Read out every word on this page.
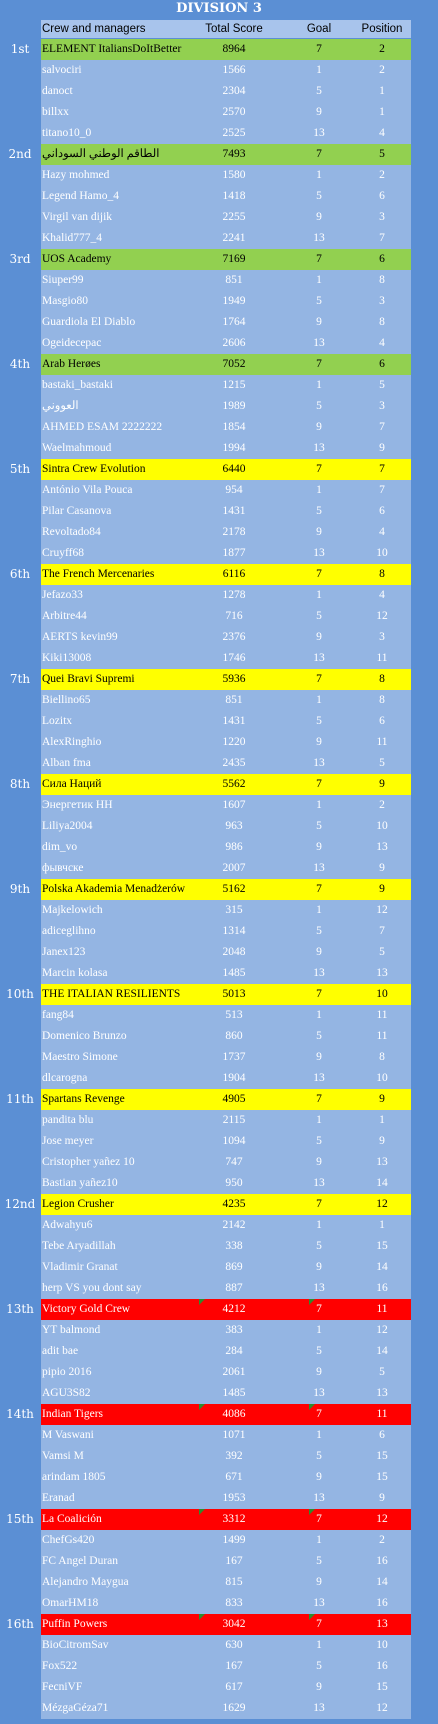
DIVISION 3
Crew and managers	Total Score	Goal	Position
1st	ELEMENT ItaliansDoItBetter	8964	7	2
salvociri	1566	1	2
danoct	2304	5	1
billxx	2570	9	1
titano10_0	2525	13	4
2nd الطاقم الوطني السوداني	7493	7	5
Hazy mohmed	1580	1	2
Legend Hamo_4	1418	5	6
Virgil van dijik	2255	9	3
Khalid777_4	2241	13	7
3rd UOS Academy	7169	7	6
Siuper99	851	1	8
Masgio80	1949	5	3
Guardiola El Diablo	1764	9	8
Ogeidecepac	2606	13	4
4th	Arab Herøes	7052	7	6
bastaki_bastaki	1215	1	5
العووني	1989	5	3
AHMED ESAM 2222222	1854	9	7
Waelmahmoud	1994	13	9
5th	Sintra Crew Evolution	6440	7	7
António Vila Pouca	954	1	7
Pilar Casanova	1431	5	6
Revoltado84	2178	9	4
Cruyff68	1877	13	10
6th	The French Mercenaries	6116	7	8
Jefazo33	1278	1	4
Arbitre44	716	5	12
AERTS kevin99	2376	9	3
Kiki13008	1746	13	11
7th	Quei Bravi Supremi	5936	7	8
Biellino65	851	1	8
Lozitx	1431	5	6
AlexRinghio	1220	9	11
Alban fma	2435	13	5
8th	Сила Наций	5562	7	9
Энергетик НН	1607	1	2
Liliya2004	963	5	10
dim_vo	986	9	13
фывчске	2007	13	9
9th	Polska Akademia Menadżerów	5162	7	9
Majkelowich	315	1	12
adiceglihno	1314	5	7
Janex123	2048	9	5
Marcin kolasa	1485	13	13
10th THE ITALIAN RESILIENTS	5013	7	10
fang84	513	1	11
Domenico Brunzo	860	5	11
Maestro Simone	1737	9	8
dlcarogna	1904	13	10
11th Spartans Revenge	4905	7	9
pandita blu	2115	1	1
Jose meyer	1094	5	9
Cristopher yañez 10	747	9	13
Bastian yañez10	950	13	14
12nd Legion Crusher	4235	7	12
Adwahyu6	2142	1	1
Tebe Aryadillah	338	5	15
Vladimir Granat	869	9	14
herp VS you dont say	887	13	16
13th Victory Gold Crew	4212	7	11
YT balmond	383	1	12
adit bae	284	5	14
pipio 2016	2061	9	5
AGU3S82	1485	13	13
14th Indian Tigers	4086	7	11
M Vaswani	1071	1	6
Vamsi M	392	5	15
arindam 1805	671	9	15
Eranad	1953	13	9
15th La Coalición	3312	7	12
ChefGs420	1499	1	2
FC Angel Duran	167	5	16
Alejandro Maygua	815	9	14
OmarHM18	833	13	16
16th Puffin Powers	3042	7	13
BioCitromSav	630	1	10
Fox522	167	5	16
FecniVF	617	9	15
MézgaGéza71	1629	13	12
